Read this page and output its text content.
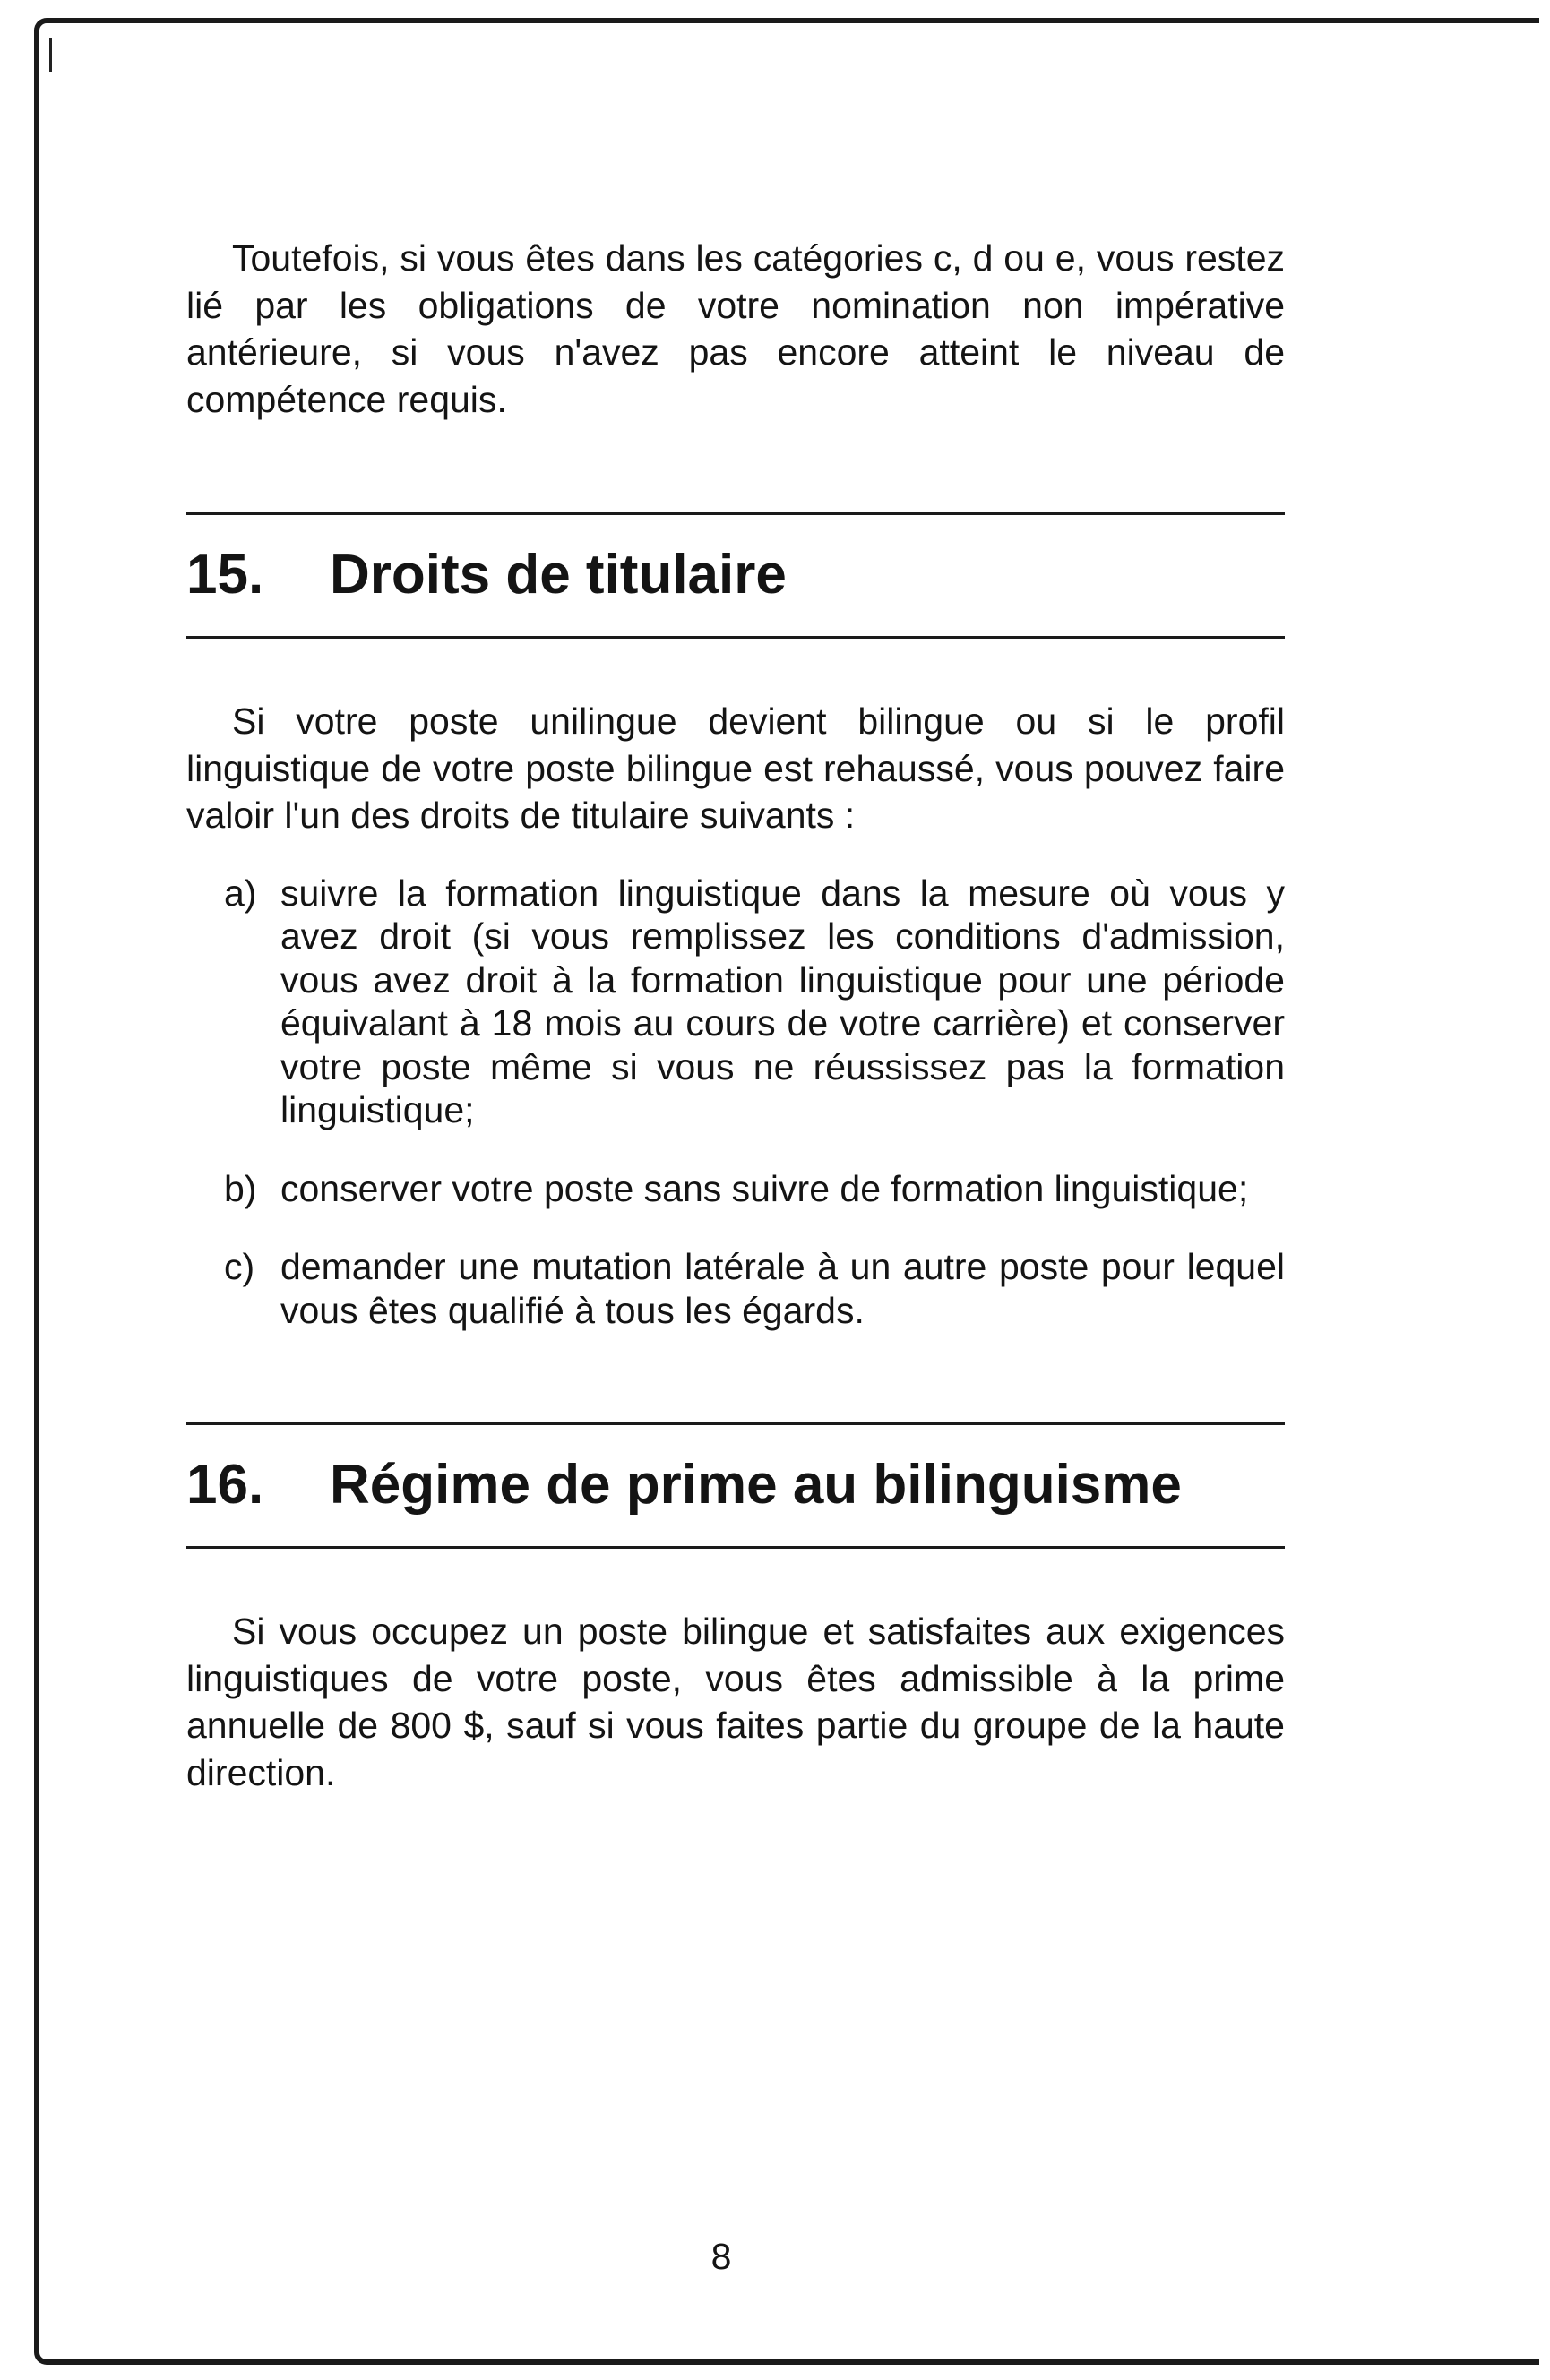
Toutefois, si vous êtes dans les catégories c, d ou e, vous restez lié par les obligations de votre nomination non impérative antérieure, si vous n'avez pas encore atteint le niveau de compétence requis.

15.	Droits de titulaire

Si votre poste unilingue devient bilingue ou si le profil linguistique de votre poste bilingue est rehaussé, vous pouvez faire valoir l'un des droits de titulaire suivants :

a) suivre la formation linguistique dans la mesure où vous y avez droit (si vous remplissez les conditions d'admission, vous avez droit à la formation linguistique pour une période équivalant à 18 mois au cours de votre carrière) et conserver votre poste même si vous ne réussissez pas la formation linguistique;
b) conserver votre poste sans suivre de formation linguistique;
c) demander une mutation latérale à un autre poste pour lequel vous êtes qualifié à tous les égards.
16.	Régime de prime au bilinguisme

Si vous occupez un poste bilingue et satisfaites aux exigences linguistiques de votre poste, vous êtes admissible à la prime annuelle de 800 $, sauf si vous faites partie du groupe de la haute direction.

8
